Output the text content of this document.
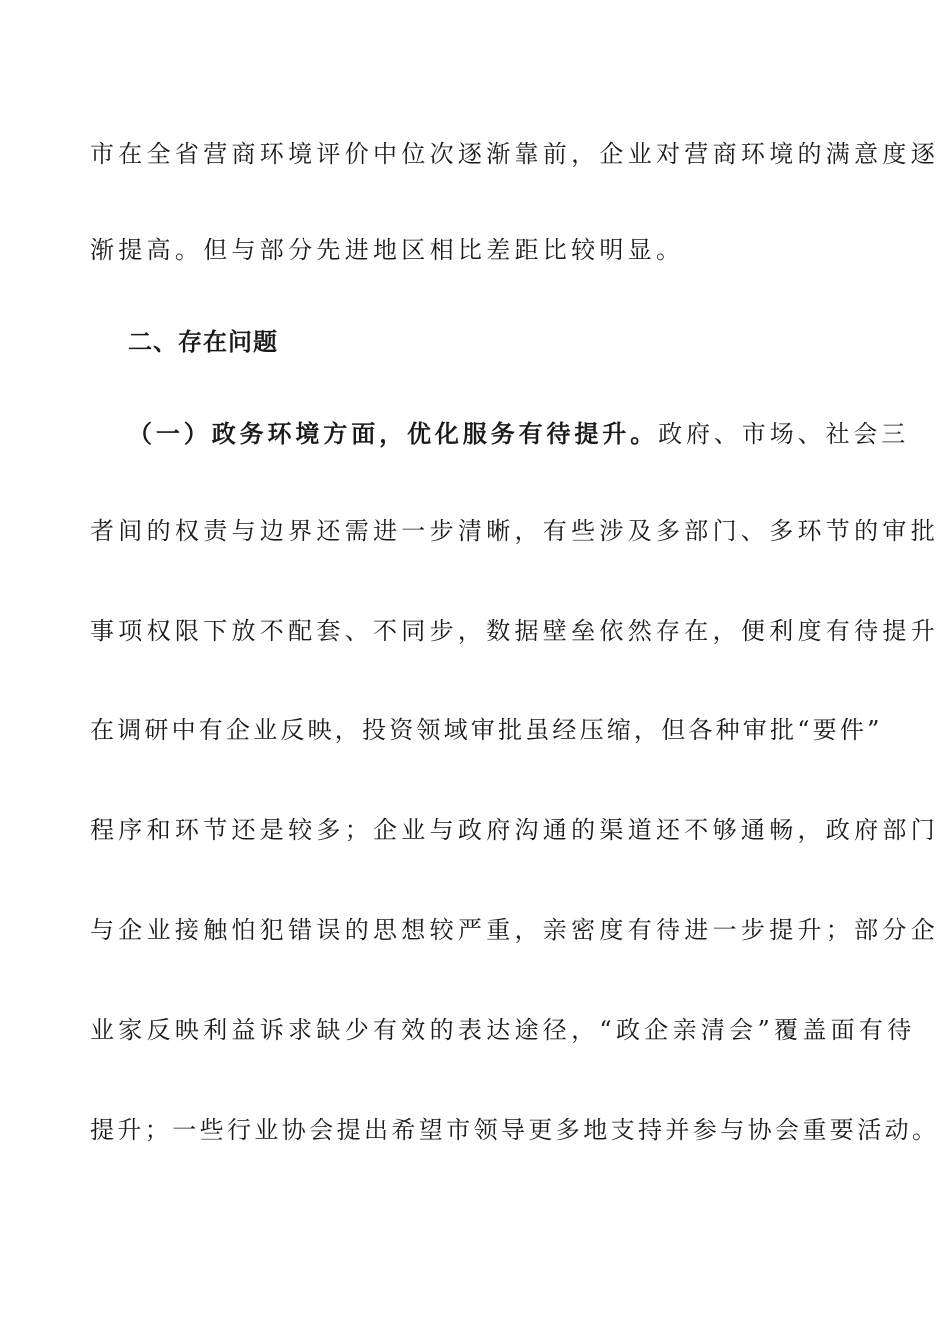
市在全省营商环境评价中位次逐渐靠前，企业对营商环境的满意度逐
渐提高。但与部分先进地区相比差距比较明显。
二、存在问题
（一）政务环境方面，优化服务有待提升。政府、市场、社会三
者间的权责与边界还需进一步清晰，有些涉及多部门、多环节的审批
事项权限下放不配套、不同步，数据壁垒依然存在，便利度有待提升
在调研中有企业反映，投资领域审批虽经压缩，但各种审批“要件”
程序和环节还是较多；企业与政府沟通的渠道还不够通畅，政府部门
与企业接触怕犯错误的思想较严重，亲密度有待进一步提升；部分企
业家反映利益诉求缺少有效的表达途径，“政企亲清会”覆盖面有待
提升；一些行业协会提出希望市领导更多地支持并参与协会重要活动。
